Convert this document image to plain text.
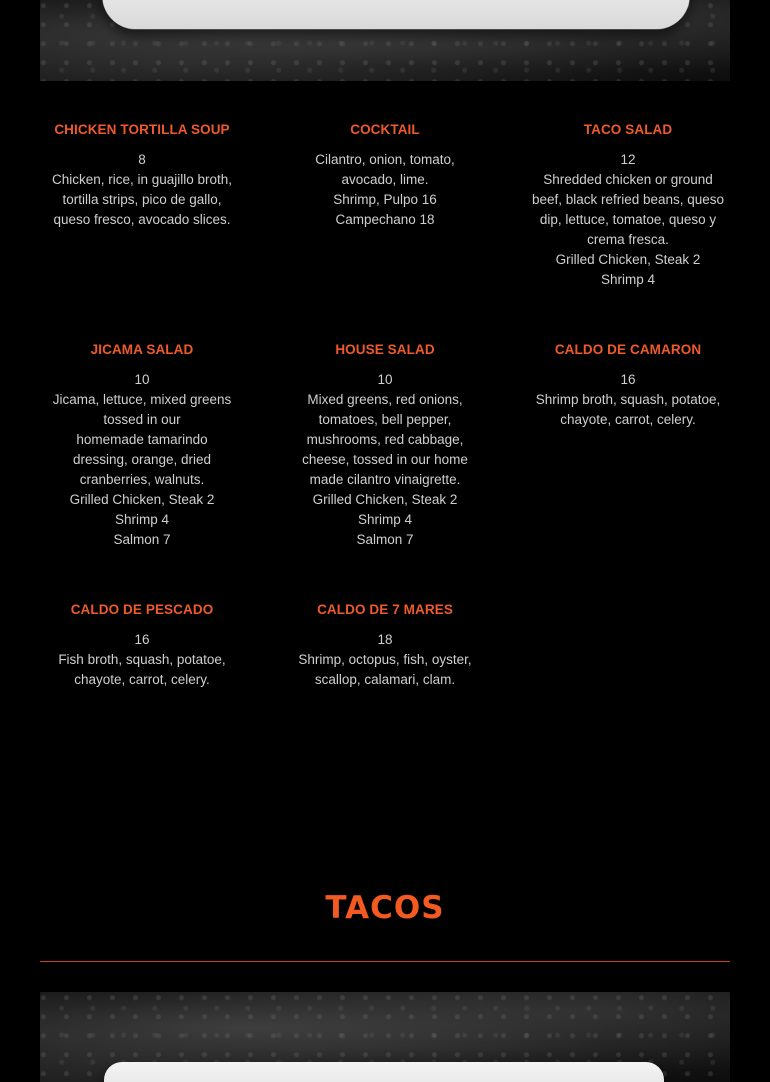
CHICKEN TORTILLA SOUP
8
Chicken, rice, in guajillo broth,
tortilla strips, pico de gallo,
queso fresco, avocado slices.
COCKTAIL
Cilantro, onion, tomato,
avocado, lime.
Shrimp, Pulpo 16
Campechano 18
TACO SALAD
12
Shredded chicken or ground
beef, black refried beans, queso
dip, lettuce, tomatoe, queso y
crema fresca.
Grilled Chicken, Steak 2
Shrimp 4
JICAMA SALAD
10
Jicama, lettuce, mixed greens
tossed in our
homemade tamarindo
dressing, orange, dried
cranberries, walnuts.
Grilled Chicken, Steak 2
Shrimp 4
Salmon 7
HOUSE SALAD
10
Mixed greens, red onions,
tomatoes, bell pepper,
mushrooms, red cabbage,
cheese, tossed in our home
made cilantro vinaigrette.
Grilled Chicken, Steak 2
Shrimp 4
Salmon 7
CALDO DE CAMARON
16
Shrimp broth, squash, potatoe,
chayote, carrot, celery.
CALDO DE PESCADO
16
Fish broth, squash, potatoe,
chayote, carrot, celery.
CALDO DE 7 MARES
18
Shrimp, octopus, fish, oyster,
scallop, calamari, clam.
TACOS
